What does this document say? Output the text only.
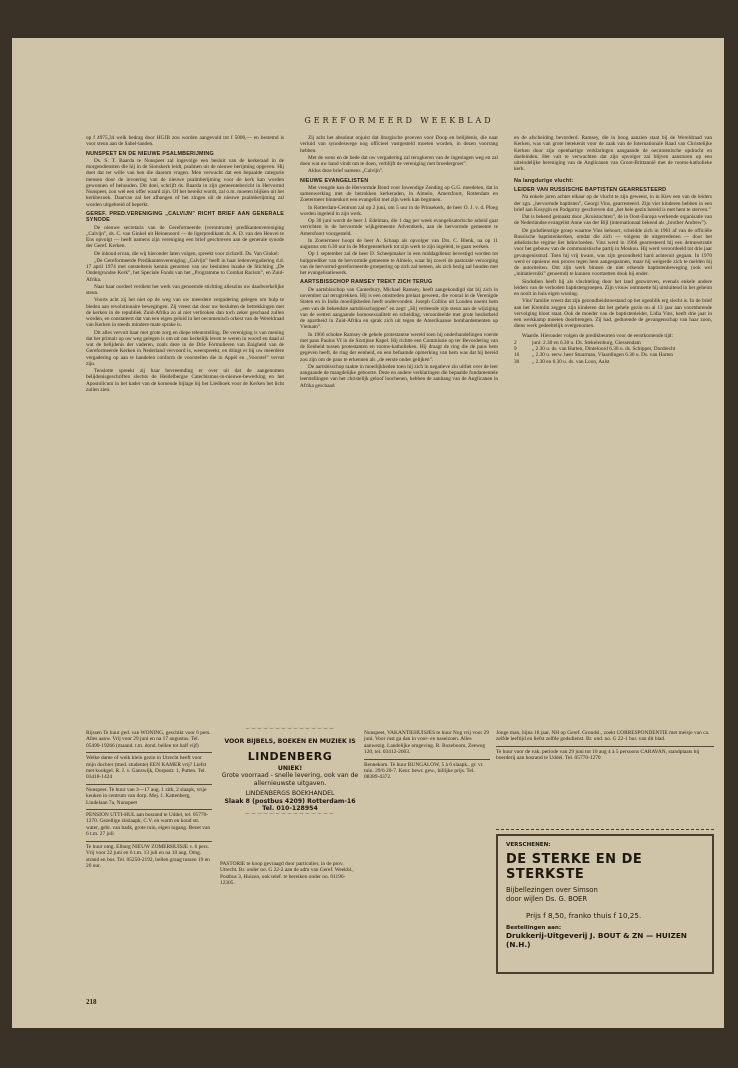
GEREFORMEERD WEEKBLAD

op f 4975,34 welk bedrag door HGJB zou worden aangevuld tot f 5000,— en bestemd is voor steun aan de Sahel-landen.

NUNSPEET EN DE NIEUWE PSALMBERIJMING

Ds. S. T. Baarda te Nunspeet zal ingevolge een besluit van de kerkeraad in de morgendiensten die hij in de Sionskerk leidt, psalmen uit de nieuwe berijming opgeven. Hij doet dat ter wille van hen die daarom vragen. Men verwacht dat een bepaalde categorie mensen door de invoering van de nieuwe psalmberijming voor de kerk kan worden gewonnen of behouden. Dit doel, schrijft ds. Baarda in zijn gemeentebericht in Hervormd Nunspeet, zou wel een offer waard zijn. Of het bereikt wordt, zal o.m. moeten blijken uit het kerkbezoek. Daarvan zal het afhangen of het zingen uit de nieuwe psalmberijming zal worden uitgebreid of beperkt.

GEREF. PRED.VERENIGING „CALVIJN” RICHT BRIEF AAN GENERALE SYNODE

De nieuwe secretaris van de Gereformeerde (verontruste) predikantenvereniging „Calvijn”, ds. C. van Ginkel uit Heinenoord — de ligerpredikant ds. A. D. van den Heuvel te Ens opvolgt — heeft namens zijn vereniging een brief geschreven aan de generale synode der Geref. Kerken.

De inhoud ervan, die wij hieronder laten volgen, spreekt voor zichzelf. Ds. Van Ginkel:

„De Gereformeerde Predikantenvereniging „Calvijn” heeft in haar ledenvergadering d.d. 17 april 1974 met ontsteltenis kennis genomen van uw besluiten inzake de Stichting „De Ondergrondse Kerk”, het Speciale Fonds van het „Programme to Combat Racism”, en Zuid-Afrika.

Naar haar oordeel verdient het werk van genoemde stichting alleszins uw daadwerkelijke steun.

Voorts acht zij het niet op de weg van uw meerdere vergadering gelegen om hulp te bieden aan revolutionaire bewegingen. Zij vreest dat door uw besluiten de betrekkingen met de kerken in de republiek Zuid-Afrika zo al niet verbroken dan toch zeker geschaad zullen worden, en constateert dat van een eigen geluid in het oecumenisch orkest van de Wereldraad van Kerken in steeds mindere mate sprake is.

Dit alles vervult haar met grote zorg en diepe teleurstelling. De vereniging is van mening dat het primair op uw weg gelegen is om uit ons kerkelijk leven te weren in woord en daad al wat de belijdenis der vaderen, zoals deze in de Drie Formulieren van Enigheid van de Gereformeerde Kerken in Nederland vervoord is, weerspreekt, en dringt er bij uw meerdere vergadering op aan te handelen conform de voorstellen die in Appèl en „Voorstel” vervat zijn.

Tenslotte spreekt zij haar bevreemding er over uit dat de aangenomen belijdenisgeschriften slechts de Heidelbergse Catechismus-in-nieuwe-bewerking en het Apostolicum in het kader van de komende bijlage bij het Liedboek voor de Kerken het licht zullen zien.

Zij acht het absoluut onjuist dat liturgische proeven voor Doop en belijdenis, die naar verluid van synodeswege nog officieel vastgesteld moeten worden, in dezen voorrang hebben.

Met de wens en de bede dat uw vergadering zal terugkeren van de ingeslagen weg en zal doen wat uw hand vindt om te doen, verblijft de vereniging met broedergroet”.

Aldus deze brief namens „Calvijn”.

NIEUWE EVANGELISTEN

Met vreugde kan de Hervormde Bond voor Inwendige Zending op G.G. meedelen, dat in samenwerking met de betrokken kerkeraden, in Almelo, Amersfoort, Rotterdam en Zoetermeer binnenkort een evangelist met zijn werk kan beginnen.

In Rotterdam-Centrum zal op 2 juni, om 5 uur in de Prinsekerk, de heer O. J. v. d. Ploeg worden ingeleid in zijn werk.

Op 30 juni wordt de heer J. Edelman, die 1 dag per week evangelisatorische arbeid gaat verrichten in de hervormde wijkgemeente Adventkerk, aan de hervormde gemeente te Amersfoort voorgesteld.

In Zoetermeer hoopt de heer A. Schaap als opvolger van Drs. C. Blenk, na op 11 augustus om 6.30 uur in de Morgensterkerk tot zijn werk te zijn ingeleid, te gaan werken.

Op 1 september zal de heer D. Scheepmaker in een middagdienst bevestigd worden tot hulpprediker van de hervormde gemeente te Almelo, waar hij zowel de pastorale verzorging van de hervormd-gereformeerde groepering op zich zal nemen, als zich bezig zal houden met het evangelisatiewerk.

AARTSBISSCHOP RAMSEY TREKT ZICH TERUG

De aartsbisschop van Canterbury, Michael Ramsey, heeft aangekondigd dat hij zich in november zal terugtrekken. Hij is een omstreden prelaat geweest, die vooral in de Verenigde Staten en in India moeilijkheden heeft ondervonden. Joseph Collins uit Londen noemt hem „een van de bekendste aartsbisschoppen” en zegt: „Hij verleende zijn steun aan de wijziging van de wetten aangaande homosexualiteit en scheiding, veroordeelde met grote beslistheid de apartheid in Zuid-Afrika en sprak zich uit tegen de Amerikaanse bombardementen op Vietnam”.

In 1966 schokte Ramsey de gehele protestantse wereld toen hij onderhandelingen voerde met paus Paulus VI in de Sixtijnse Kapel. Hij richtte een Commissie op ter Bevordering van de Eenheid tussen protestanten en rooms-katholieken. Hij draagt de ring die de paus hem gegeven heeft, de ring der eenheid, en een befaamde opmerking van hem was dat hij bereid zou zijn om de paus te erkennen als „de eerste onder gelijken”.

De aartsbisschop raakte in moeilijkheden toen hij zich in negatieve zin uitliet over de leer aangaande de maagdelijke geboorte. Deze en andere verklaringen die bepaalde fundamentele leerstellingen van het christelijk geloof loochenen, hebben de aanhang van de Anglicanen in Afrika geschaad

en de afscheiding bevorderd. Ramsey, die in hoog aanzien staat bij de Wereldraad van Kerken, was van grote betekenis voor de zaak van de Internationale Raad van Christelijke Kerken door zijn openhartige verklaringen aangaande de oecumenische opdracht en doeleinden. Het valt te verwachten dat zijn opvolger zal blijven aansturen op een uiteindelijke hereniging van de Anglicanen van Groot-Brittannië met de rooms-katholieke kerk.

Na langdurige vlucht:
LEIDER VAN RUSSISCHE BAPTISTEN GEARRESTEERD

Na enkele jaren achter elkaar op de vlucht te zijn geweest, in in Kiev een van de leiders der zgn. „hervormde baptisten”, Georgi Vins, gearresteerd. Zijn vier kinderen hebben in een brief aan Kosygin en Podgorny geschreven dat „het hele gezin bereid is met hem te sterven.”

Dat is bekend gemaakt door „Kruistochten”, de in Oost-Europa werkende organisatie van de Nederlandse evangelist Anne van der Bijl (internationaal bekend als „brother Andrew”).

De godsdienstige groep waartoe Vins behoort, scheidde zich in 1961 af van de officiële Russische baptistenkerken, omdat die zich — volgens de uitgetredenen — door het atheïstische regime liet beïnvloeden. Vins werd in 1966 gearresteerd bij een demonstratie voor het gebouw van de communistische partij in Moskou. Hij werd veroordeeld tot drie jaar gevangenisstraf. Toen hij vrij kwam, was zijn gezondheid hard achteruit gegaan. In 1970 werd er opnieuw een proces tegen hem aangespannen, maar hij weigerde zich te melden bij de autoriteiten. Om zijn werk binnen de niet erkende baptistenbeweging (ook wel „initiatievniki” genoemd) te kunnen voortzetten dook hij onder.

Sindsdien heeft hij als vluchteling door het land gezworven, evenals enkele andere leiders van de verboden baptistengroepen. Zijn vrouw ontmoette hij uitsluitend in het geheim en nooit in huis eigen woning.

Vins' familie vreest dat zijn gezondheidstoestand op het ogenblik erg slecht is. In de brief aan het Kremlin zeggen zijn kinderen dat het gehele gezin nu al 13 jaar aan voortdurende vervolging bloot staat. Ook de moeder van de baptistenleider, Lidia Vins, heeft drie jaar in een werkkamp moeten doorbrengen. Zij had, gedurende de gevangenschap van haar zoon, diens werk gedeeltelijk overgenomen.

Waarde. Hieronder volgen de predikbeurten voor de eerstkomende tijd:

2	juni: 2.30 en 6.30 u. Ds. Stekelenburg, Giessendam
9	„ 2.30 u. ds. van Harten, Dinteloord 6.30 u. ds. Schipper, Dordrecht
16	„ 2.30 u. eerw. heer Stuurman, Vlaardingen 6.30 u. Ds. van Harten
30	„ 2.30 en 6.30 u. ds. van Loon, Aalst
Rijssen Te huur ged. van WONING, geschikt voor 6 pers. Alles aanw. Vrij voor 29 juni en na 17 augustus. Tel. 05490-19266 (maand. t.m. dond. bellen tot half vijf)
Welke dame of welk klein gezin in Utrecht heeft voor mijn dochter (med. studente) EEN KAMER vrij? Liefst met kookgel. R. J. v. Ganswijk, Dorpsstr. 1, Putten. Tel. 03418-1424
Nunspeet. Te huur van 3—17 aug. 1 zitk, 2 slaapk, vrije keuken in centrum van dorp. Mej. J. Kattenberg, Lindelaan 7a, Nunspeet
PENSION UTTI-HUL aan bosrand te Uddel, tel. 05770-1270. Gezellige zitslaapk, C.V. en warm en koud str. water, gebr. van badk, grote tuin, eigen ingang. Bezet van 6 t.m. 27 juli
Te huur omg. Elburg NIEUW ZOMERHUISJE v. 6 pers. Vrij voor 22 juni en 6 t.m. 13 juli en na 10 aug. Omg. strand en bos. Tel. 05250-2192, bellen graag tussen 19 en 20 uur.
︶︶︶︶︶︶︶︶︶︶︶︶︶︶︶
VOOR BIJBELS, BOEKEN EN MUZIEK IS
LINDENBERG
UNIEK!
Grote voorraad - snelle levering, ook van de allernieuwste uitgaven.
LINDENBERGS BOEKHANDEL
Slaak 8 (postbus 4209) Rotterdam-16 Tel. 010-128954
︶︶︶︶︶︶︶︶︶︶︶︶︶︶︶
PASTORIE te koop gevraagd door particulier, in de prov. Utrecht. Br. onder no. G 22-2 aan de adm van Geref. Weekbl., Postbus 3, Huizen, ook telef. te bereiken onder no. 01196-12305.
Nunspeet, VAKANTIEHUISJES te huur Nog vrij voor 29 juni. Voor rust ga dan in voor- en naseizoen. Alles aanwezig. Landelijke omgeving. R. Rozeboom, Zeeweg 120, tel. 03412-2603.
Bennekom. Te huur BUNGALOW, 5 à 6 slaapk., gr. vr. tuin. 29/6 20-7. Keur. bewr. gew., billijke prijs. Tel. 08389-4372.
Jonge man, bijna 18 jaar, NH op Geref. Grondsl., zoekt CORRESPONDENTIE met meisje van ca. zelfde leeftijd en liefst zelfde godsdienst. Br. ond. no. G 22-1 bur. van dit blad.
Te huur voor de vak. periode van 29 juni tot 10 aug 4 à 5 persoons CARAVAN, standplaats bij boerderij aan bosrand te Uddel. Tel. 05770-1270
VERSCHENEN:
DE STERKE EN DE STERKSTE
Bijbellezingen over Simson
door wijlen Ds. G. BOER
Prijs f 8,50, franko thuis f 10,25.
Bestellingen aan:
Drukkerij-Uitgeverij J. BOUT & ZN — HUIZEN (N.H.)
218
